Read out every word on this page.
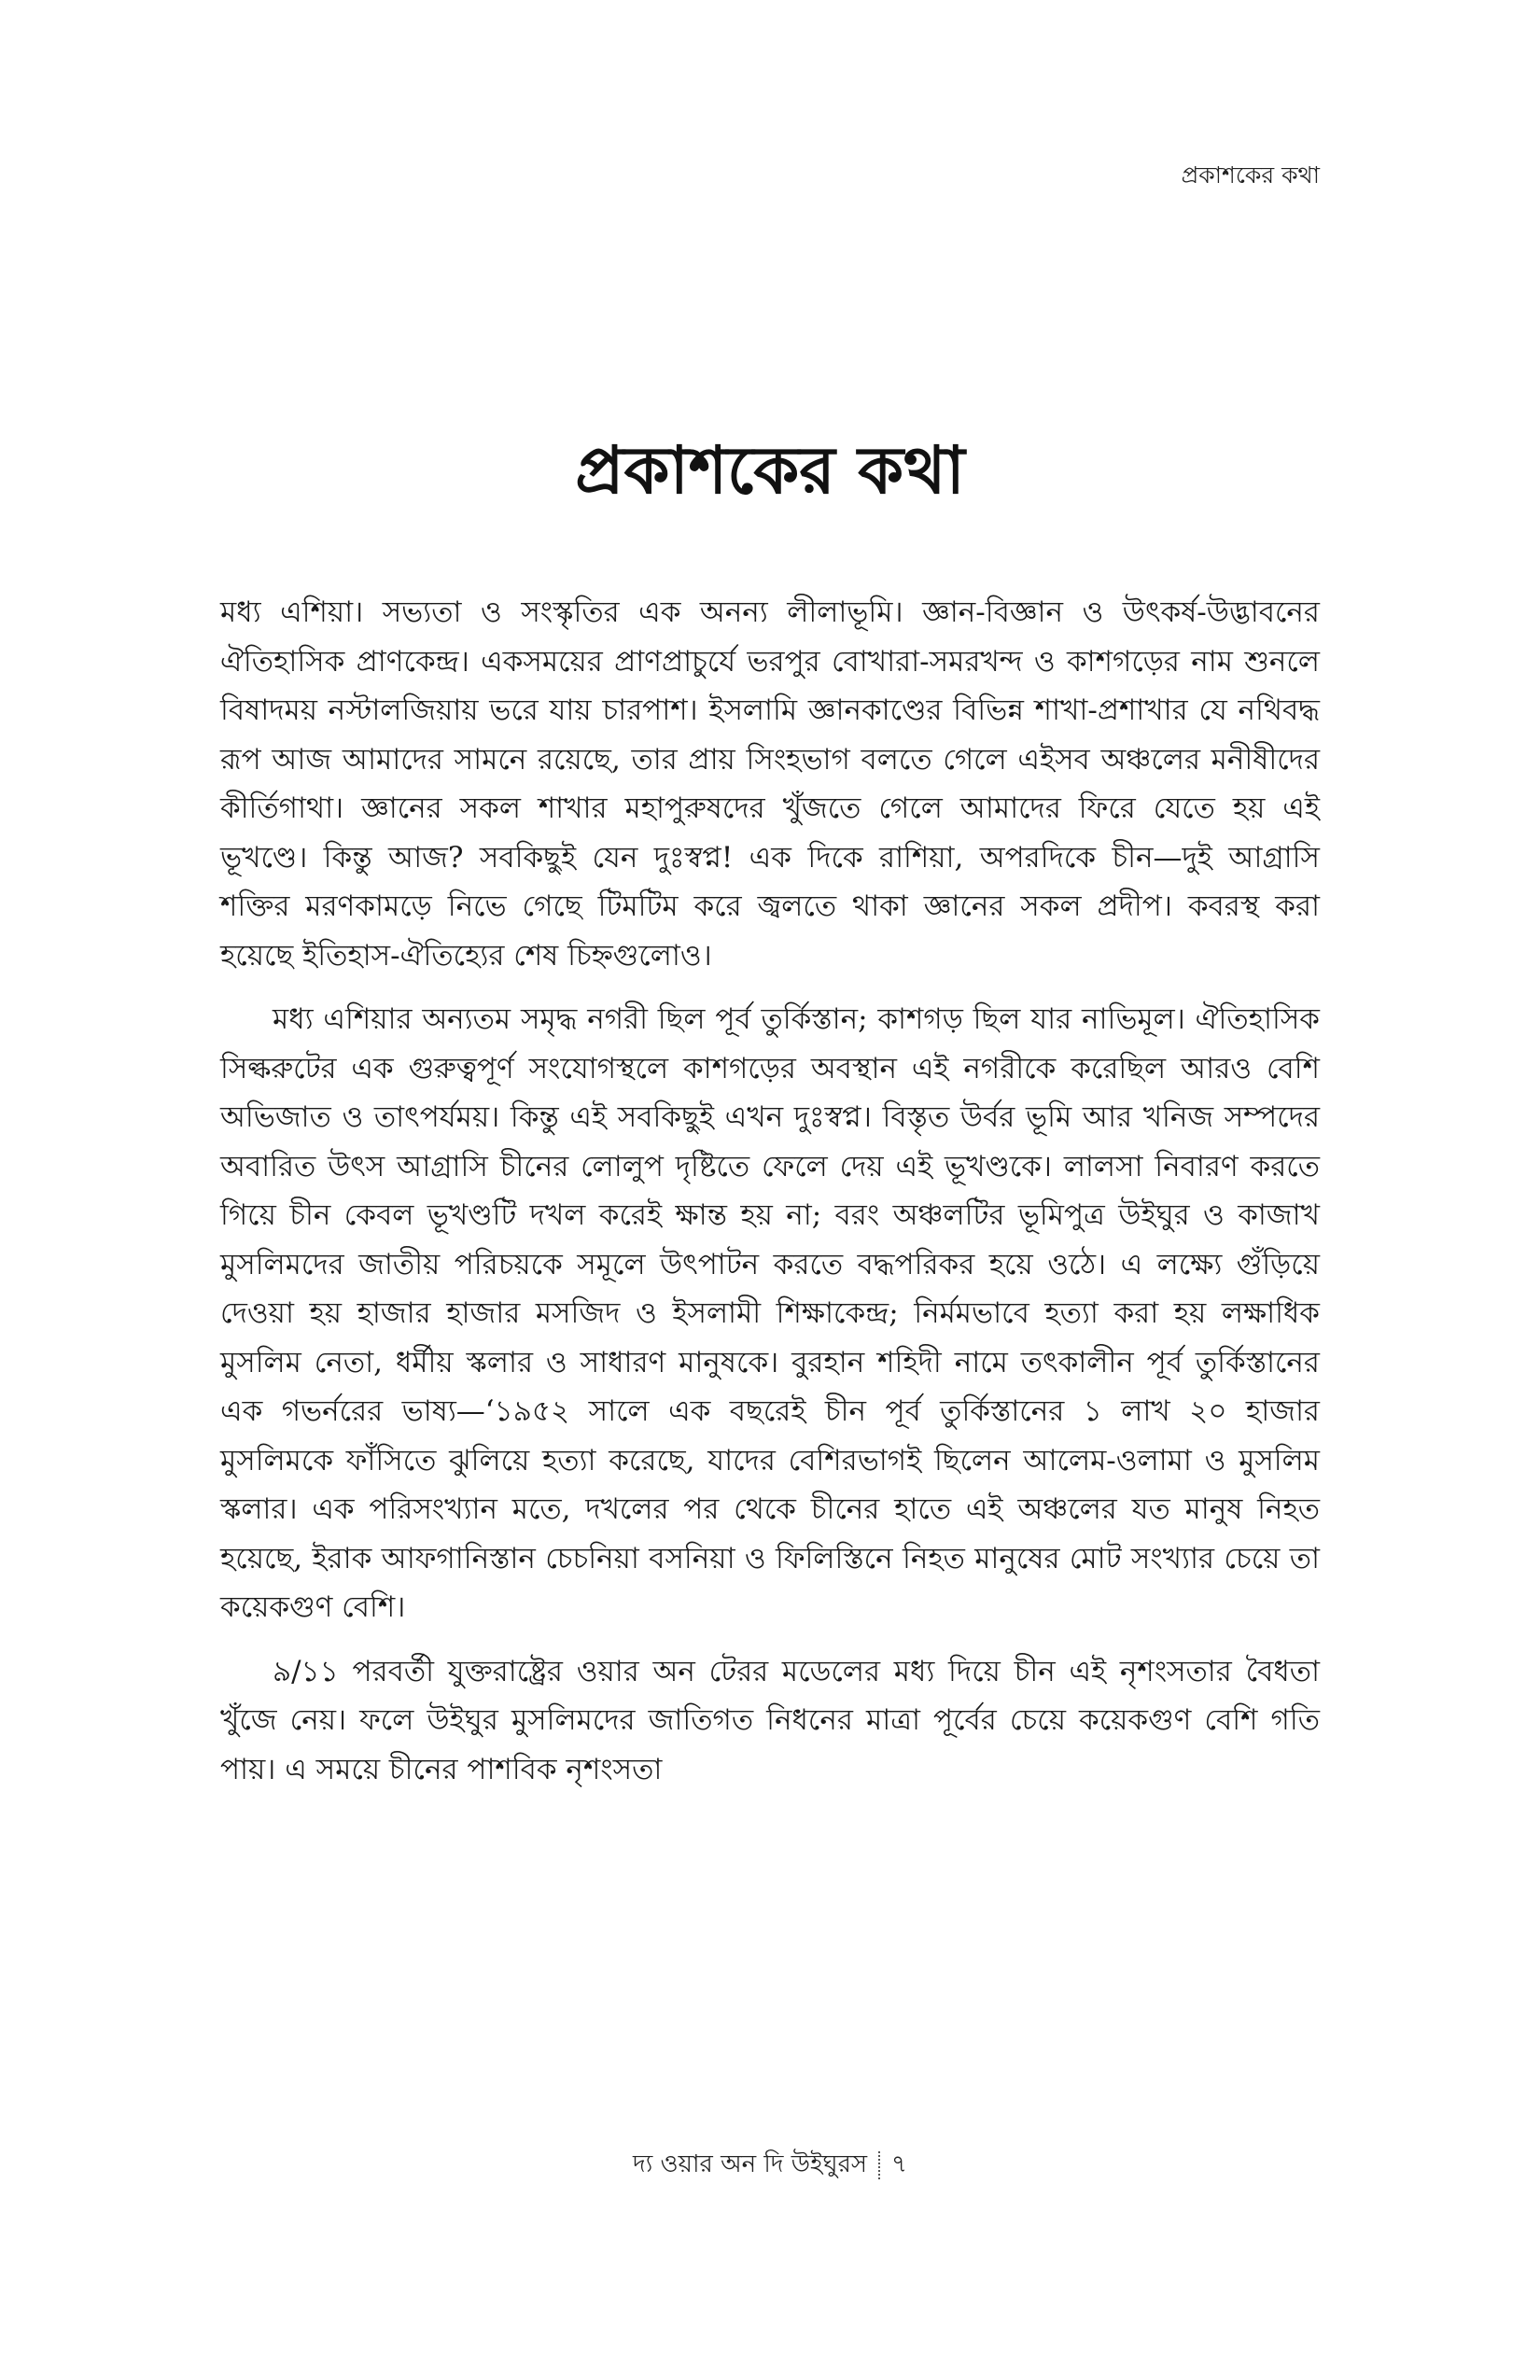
প্রকাশকের কথা
প্রকাশকের কথা

মধ্য এশিয়া। সভ্যতা ও সংস্কৃতির এক অনন্য লীলাভূমি। জ্ঞান-বিজ্ঞান ও উৎকর্ষ-উদ্ভাবনের ঐতিহাসিক প্রাণকেন্দ্র। একসময়ের প্রাণপ্রাচুর্যে ভরপুর বোখারা-সমরখন্দ ও কাশগড়ের নাম শুনলে বিষাদময় নস্টালজিয়ায় ভরে যায় চারপাশ। ইসলামি জ্ঞানকাণ্ডের বিভিন্ন শাখা-প্রশাখার যে নথিবদ্ধ রূপ আজ আমাদের সামনে রয়েছে, তার প্রায় সিংহভাগ বলতে গেলে এইসব অঞ্চলের মনীষীদের কীর্তিগাথা। জ্ঞানের সকল শাখার মহাপুরুষদের খুঁজতে গেলে আমাদের ফিরে যেতে হয় এই ভূখণ্ডে। কিন্তু আজ? সবকিছুই যেন দুঃস্বপ্ন! এক দিকে রাশিয়া, অপরদিকে চীন—দুই আগ্রাসি শক্তির মরণকামড়ে নিভে গেছে টিমটিম করে জ্বলতে থাকা জ্ঞানের সকল প্রদীপ। কবরস্থ করা হয়েছে ইতিহাস-ঐতিহ্যের শেষ চিহ্নগুলোও।

মধ্য এশিয়ার অন্যতম সমৃদ্ধ নগরী ছিল পূর্ব তুর্কিস্তান; কাশগড় ছিল যার নাভিমূল। ঐতিহাসিক সিল্করুটের এক গুরুত্বপূর্ণ সংযোগস্থলে কাশগড়ের অবস্থান এই নগরীকে করেছিল আরও বেশি অভিজাত ও তাৎপর্যময়। কিন্তু এই সবকিছুই এখন দুঃস্বপ্ন। বিস্তৃত উর্বর ভূমি আর খনিজ সম্পদের অবারিত উৎস আগ্রাসি চীনের লোলুপ দৃষ্টিতে ফেলে দেয় এই ভূখণ্ডকে। লালসা নিবারণ করতে গিয়ে চীন কেবল ভূখণ্ডটি দখল করেই ক্ষান্ত হয় না; বরং অঞ্চলটির ভূমিপুত্র উইঘুর ও কাজাখ মুসলিমদের জাতীয় পরিচয়কে সমূলে উৎপাটন করতে বদ্ধপরিকর হয়ে ওঠে। এ লক্ষ্যে গুঁড়িয়ে দেওয়া হয় হাজার হাজার মসজিদ ও ইসলামী শিক্ষাকেন্দ্র; নির্মমভাবে হত্যা করা হয় লক্ষাধিক মুসলিম নেতা, ধর্মীয় স্কলার ও সাধারণ মানুষকে। বুরহান শহিদী নামে তৎকালীন পূর্ব তুর্কিস্তানের এক গভর্নরের ভাষ্য—‘১৯৫২ সালে এক বছরেই চীন পূর্ব তুর্কিস্তানের ১ লাখ ২০ হাজার মুসলিমকে ফাঁসিতে ঝুলিয়ে হত্যা করেছে, যাদের বেশিরভাগই ছিলেন আলেম-ওলামা ও মুসলিম স্কলার। এক পরিসংখ্যান মতে, দখলের পর থেকে চীনের হাতে এই অঞ্চলের যত মানুষ নিহত হয়েছে, ইরাক আফগানিস্তান চেচনিয়া বসনিয়া ও ফিলিস্তিনে নিহত মানুষের মোট সংখ্যার চেয়ে তা কয়েকগুণ বেশি।

৯/১১ পরবর্তী যুক্তরাষ্ট্রের ওয়ার অন টেরর মডেলের মধ্য দিয়ে চীন এই নৃশংসতার বৈধতা খুঁজে নেয়। ফলে উইঘুর মুসলিমদের জাতিগত নিধনের মাত্রা পূর্বের চেয়ে কয়েকগুণ বেশি গতি পায়। এ সময়ে চীনের পাশবিক নৃশংসতা

দ্য ওয়ার অন দি উইঘুরস ৭
